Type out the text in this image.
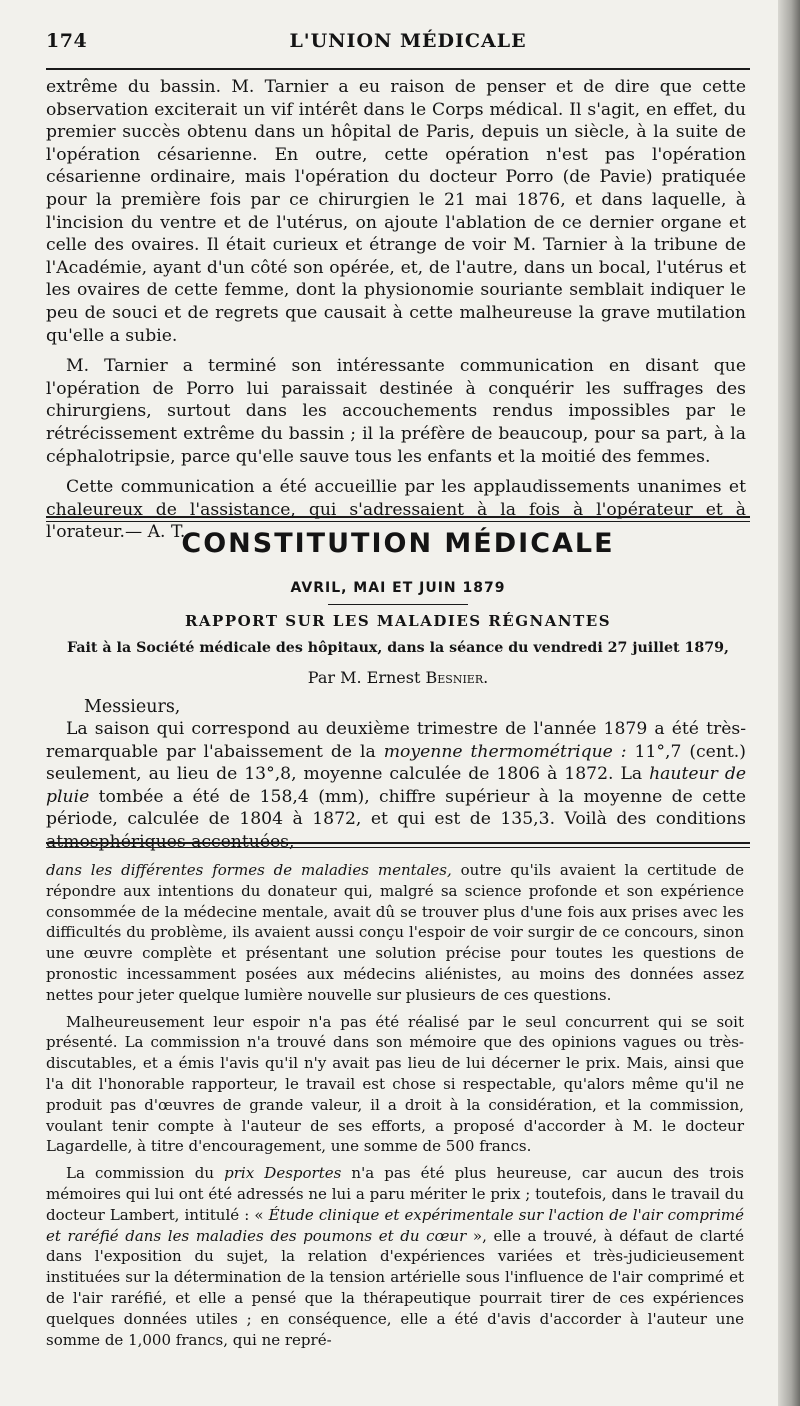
174	L'UNION MÉDICALE

extrême du bassin. M. Tarnier a eu raison de penser et de dire que cette observation exciterait un vif intérêt dans le Corps médical. Il s'agit, en effet, du premier succès obtenu dans un hôpital de Paris, depuis un siècle, à la suite de l'opération césarienne. En outre, cette opération n'est pas l'opération césarienne ordinaire, mais l'opération du docteur Porro (de Pavie) pratiquée pour la première fois par ce chirurgien le 21 mai 1876, et dans laquelle, à l'incision du ventre et de l'utérus, on ajoute l'ablation de ce dernier organe et celle des ovaires. Il était curieux et étrange de voir M. Tarnier à la tribune de l'Académie, ayant d'un côté son opérée, et, de l'autre, dans un bocal, l'utérus et les ovaires de cette femme, dont la physionomie souriante semblait indiquer le peu de souci et de regrets que causait à cette malheureuse la grave mutilation qu'elle a subie.

M. Tarnier a terminé son intéressante communication en disant que l'opération de Porro lui paraissait destinée à conquérir les suffrages des chirurgiens, surtout dans les accouchements rendus impossibles par le rétrécissement extrême du bassin ; il la préfère de beaucoup, pour sa part, à la céphalotripsie, parce qu'elle sauve tous les enfants et la moitié des femmes.

Cette communication a été accueillie par les applaudissements unanimes et chaleureux de l'assistance, qui s'adressaient à la fois à l'opérateur et à l'orateur.— A. T.

CONSTITUTION MÉDICALE
AVRIL, MAI ET JUIN 1879
RAPPORT SUR LES MALADIES RÉGNANTES
Fait à la Société médicale des hôpitaux, dans la séance du vendredi 27 juillet 1879,
Par M. Ernest Besnier.
Messieurs,

La saison qui correspond au deuxième trimestre de l'année 1879 a été très-remarquable par l'abaissement de la moyenne thermométrique : 11°,7 (cent.) seulement, au lieu de 13°,8, moyenne calculée de 1806 à 1872. La hauteur de pluie tombée a été de 158,4 (mm), chiffre supérieur à la moyenne de cette période, calculée de 1804 à 1872, et qui est de 135,3. Voilà des conditions atmosphériques accentuées,

dans les différentes formes de maladies mentales, outre qu'ils avaient la certitude de répondre aux intentions du donateur qui, malgré sa science profonde et son expérience consommée de la médecine mentale, avait dû se trouver plus d'une fois aux prises avec les difficultés du problème, ils avaient aussi conçu l'espoir de voir surgir de ce concours, sinon une œuvre complète et présentant une solution précise pour toutes les questions de pronostic incessamment posées aux médecins aliénistes, au moins des données assez nettes pour jeter quelque lumière nouvelle sur plusieurs de ces questions.

Malheureusement leur espoir n'a pas été réalisé par le seul concurrent qui se soit présenté. La commission n'a trouvé dans son mémoire que des opinions vagues ou très-discutables, et a émis l'avis qu'il n'y avait pas lieu de lui décerner le prix. Mais, ainsi que l'a dit l'honorable rapporteur, le travail est chose si respectable, qu'alors même qu'il ne produit pas d'œuvres de grande valeur, il a droit à la considération, et la commission, voulant tenir compte à l'auteur de ses efforts, a proposé d'accorder à M. le docteur Lagardelle, à titre d'encouragement, une somme de 500 francs.

La commission du prix Desportes n'a pas été plus heureuse, car aucun des trois mémoires qui lui ont été adressés ne lui a paru mériter le prix ; toutefois, dans le travail du docteur Lambert, intitulé : « Étude clinique et expérimentale sur l'action de l'air comprimé et raréfié dans les maladies des poumons et du cœur », elle a trouvé, à défaut de clarté dans l'exposition du sujet, la relation d'expériences variées et très-judicieusement instituées sur la détermination de la tension artérielle sous l'influence de l'air comprimé et de l'air raréfié, et elle a pensé que la thérapeutique pourrait tirer de ces expériences quelques données utiles ; en conséquence, elle a été d'avis d'accorder à l'auteur une somme de 1,000 francs, qui ne repré-
